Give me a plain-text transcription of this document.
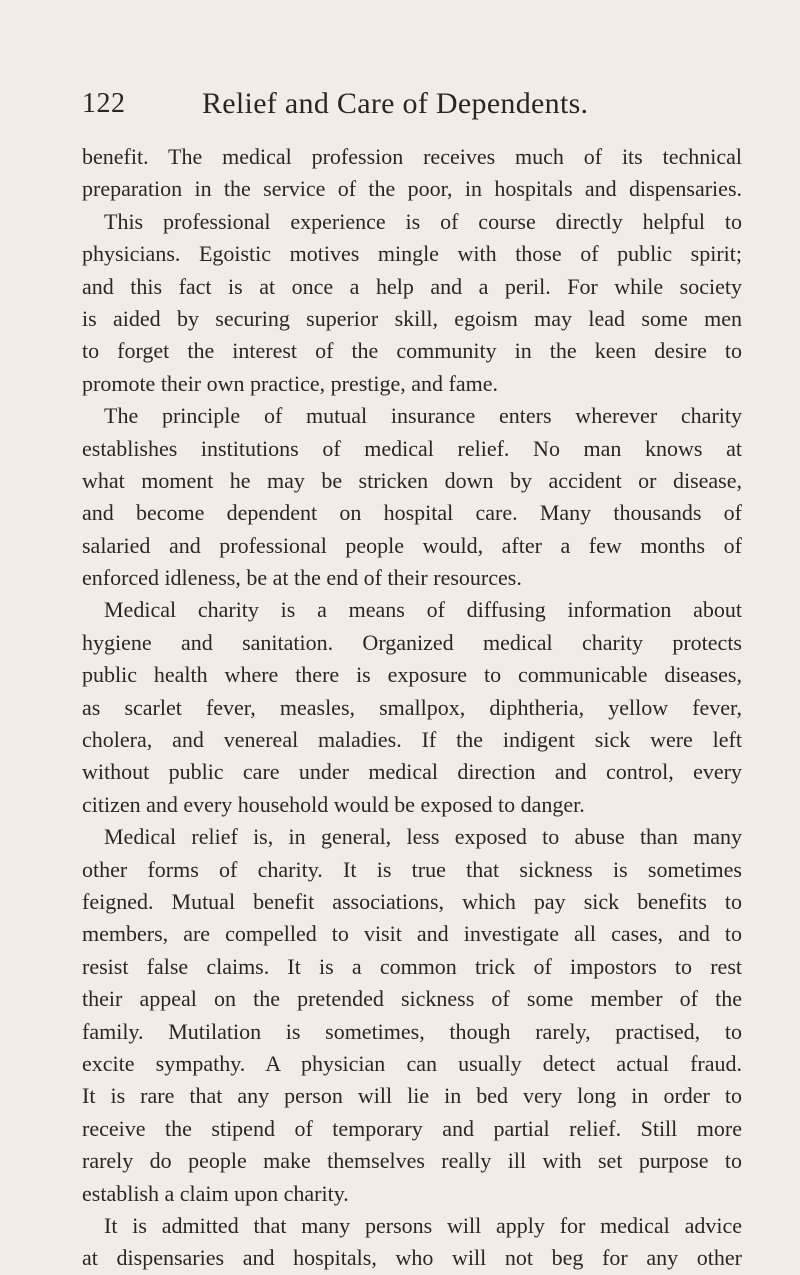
122	Relief and Care of Dependents.
benefit. The medical profession receives much of its technical
preparation in the service of the poor, in hospitals and dispensaries.
This professional experience is of course directly helpful to
physicians. Egoistic motives mingle with those of public spirit;
and this fact is at once a help and a peril. For while society
is aided by securing superior skill, egoism may lead some men
to forget the interest of the community in the keen desire to
promote their own practice, prestige, and fame.
The principle of mutual insurance enters wherever charity
establishes institutions of medical relief. No man knows at
what moment he may be stricken down by accident or disease,
and become dependent on hospital care. Many thousands of
salaried and professional people would, after a few months of
enforced idleness, be at the end of their resources.
Medical charity is a means of diffusing information about
hygiene and sanitation. Organized medical charity protects
public health where there is exposure to communicable diseases,
as scarlet fever, measles, smallpox, diphtheria, yellow fever,
cholera, and venereal maladies. If the indigent sick were left
without public care under medical direction and control, every
citizen and every household would be exposed to danger.
Medical relief is, in general, less exposed to abuse than many
other forms of charity. It is true that sickness is sometimes
feigned. Mutual benefit associations, which pay sick benefits to
members, are compelled to visit and investigate all cases, and to
resist false claims. It is a common trick of impostors to rest
their appeal on the pretended sickness of some member of the
family. Mutilation is sometimes, though rarely, practised, to
excite sympathy. A physician can usually detect actual fraud.
It is rare that any person will lie in bed very long in order to
receive the stipend of temporary and partial relief. Still more
rarely do people make themselves really ill with set purpose to
establish a claim upon charity.
It is admitted that many persons will apply for medical advice
at dispensaries and hospitals, who will not beg for any other
